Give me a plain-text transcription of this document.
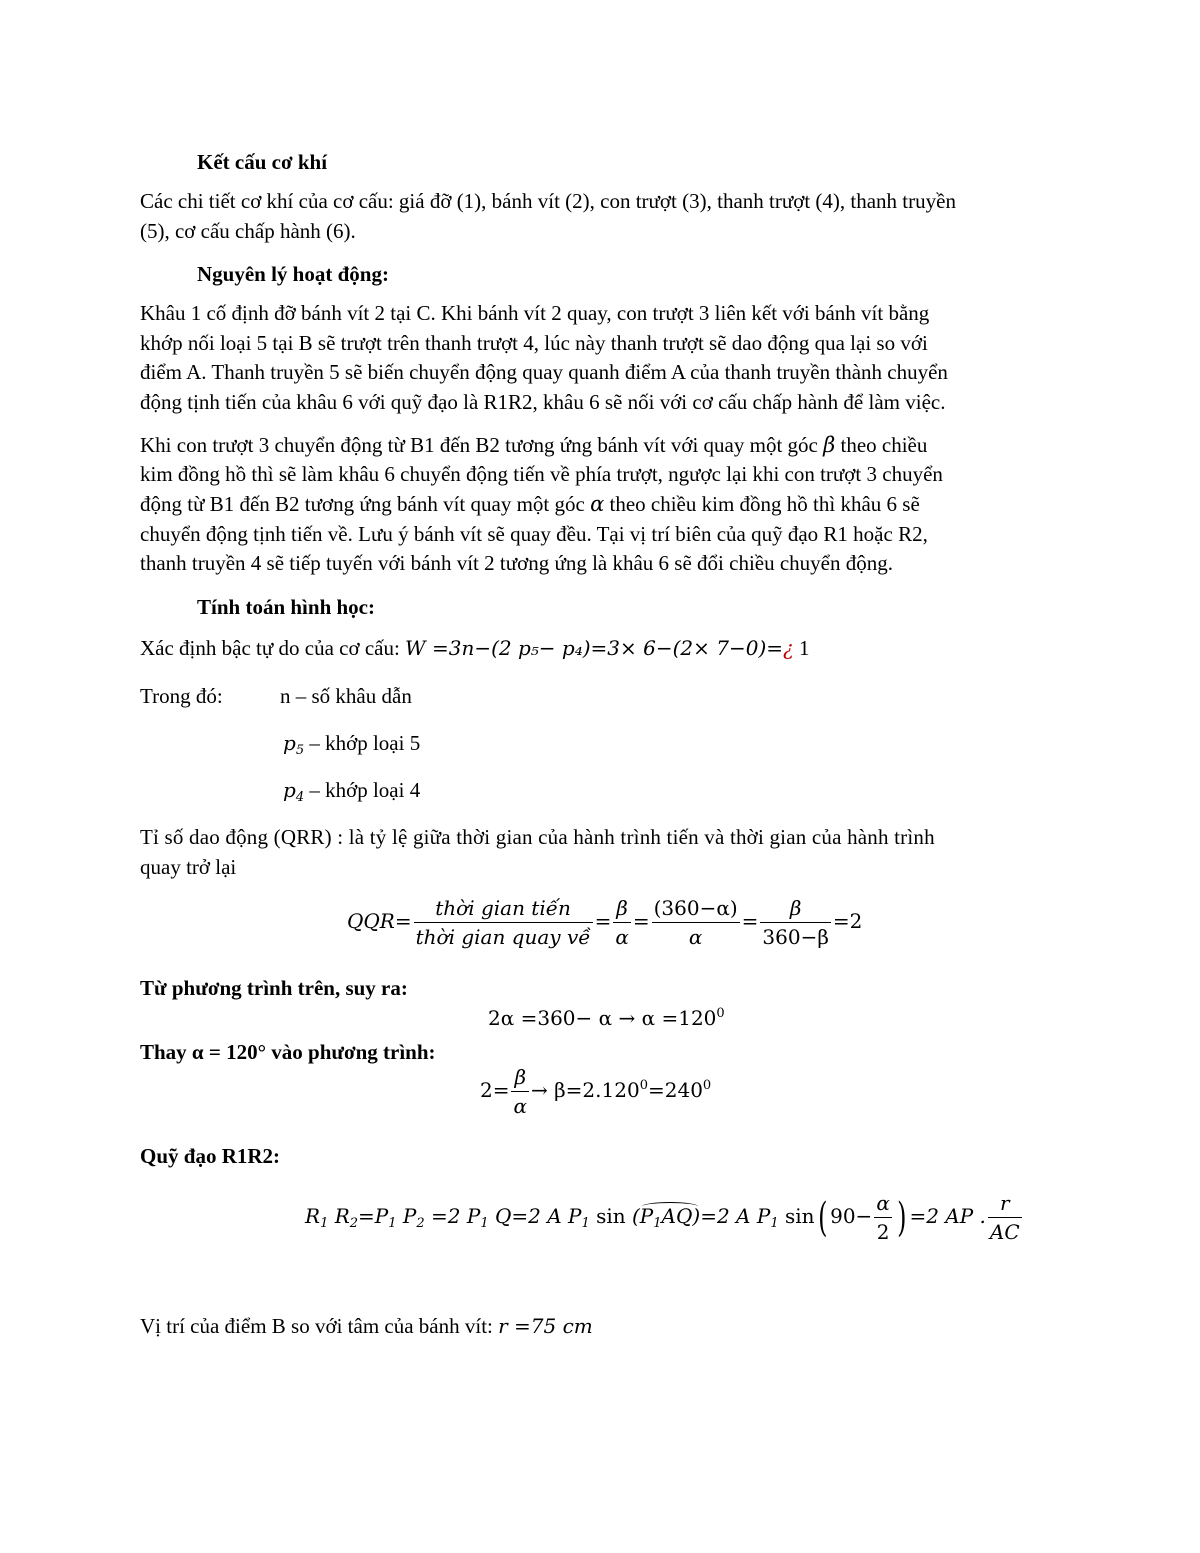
Kết cấu cơ khí
Các chi tiết cơ khí của cơ cấu: giá đỡ (1), bánh vít (2), con trượt (3), thanh trượt (4), thanh truyền
(5), cơ cấu chấp hành (6).
Nguyên lý hoạt động:
Khâu 1 cố định đỡ bánh vít 2 tại C. Khi bánh vít 2 quay, con trượt 3 liên kết với bánh vít bằng
khớp nối loại 5 tại B sẽ trượt trên thanh trượt 4, lúc này thanh trượt sẽ dao động qua lại so với
điểm A. Thanh truyền 5 sẽ biến chuyển động quay quanh điểm A của thanh truyền thành chuyển
động tịnh tiến của khâu 6 với quỹ đạo là R1R2, khâu 6 sẽ nối với cơ cấu chấp hành để làm việc.
Khi con trượt 3 chuyển động từ B1 đến B2 tương ứng bánh vít với quay một góc β theo chiều
kim đồng hồ thì sẽ làm khâu 6 chuyển động tiến về phía trượt, ngược lại khi con trượt 3 chuyển
động từ B1 đến B2 tương ứng bánh vít quay một góc α theo chiều kim đồng hồ thì khâu 6 sẽ
chuyển động tịnh tiến về. Lưu ý bánh vít sẽ quay đều. Tại vị trí biên của quỹ đạo R1 hoặc R2,
thanh truyền 4 sẽ tiếp tuyến với bánh vít 2 tương ứng là khâu 6 sẽ đổi chiều chuyển động.
Tính toán hình học:
Xác định bậc tự do của cơ cấu: W =3n−(2 p₅− p₄)=3× 6−(2× 7−0)=¿ 1
Trong đó:	n – số khâu dẫn
$p_5$ – khớp loại 5
$p_4$ – khớp loại 4
Tỉ số dao động (QRR) : là tỷ lệ giữa thời gian của hành trình tiến và thời gian của hành trình
quay trở lại
$QQR= \frac{\text{thời gian tiến}}{\text{thời gian quay về}} = \frac{\beta}{\alpha} = \frac{(360-\alpha)}{\alpha} = \frac{\beta}{360-\beta} =2$
Từ phương trình trên, suy ra:
$2\alpha =360- \alpha \to \alpha =120^0$
Thay α = 120° vào phương trình:
$2= \frac{\beta}{\alpha} \to \beta=2.120^0=240^0$
Quỹ đạo R1R2:
$R_1$ $R_2=P_1$ $P_2 =2$ $P_1$ Q=2 A $P_1$ $\sin (P_1AQ)=2$ A $P_1$ sin( $90- \frac{\alpha}{2}$ ) =2 AP . $\frac{r}{AC}$
Vị trí của điểm B so với tâm của bánh vít: r =75 cm
